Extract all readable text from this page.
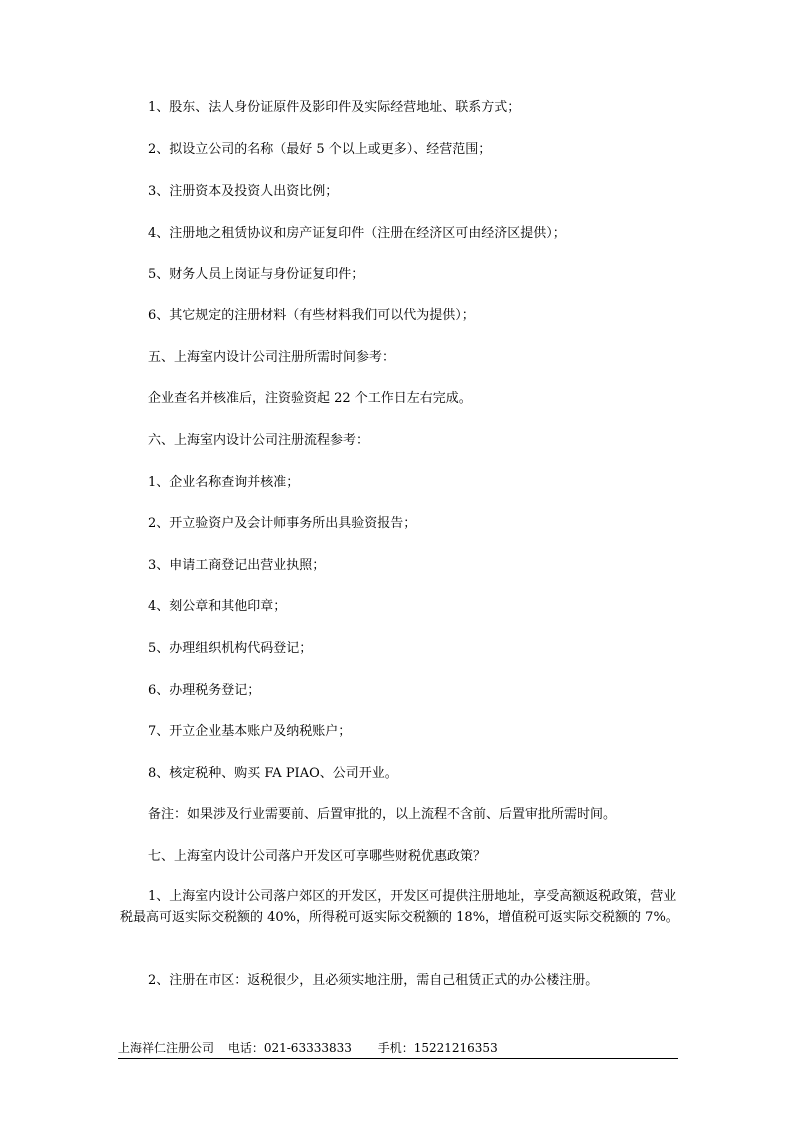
1、股东、法人身份证原件及影印件及实际经营地址、联系方式；
2、拟设立公司的名称（最好 5 个以上或更多）、经营范围；
3、注册资本及投资人出资比例；
4、注册地之租赁协议和房产证复印件（注册在经济区可由经济区提供）；
5、财务人员上岗证与身份证复印件；
6、其它规定的注册材料（有些材料我们可以代为提供）；
五、上海室内设计公司注册所需时间参考：
企业查名并核准后，注资验资起 22 个工作日左右完成。
六、上海室内设计公司注册流程参考：
1、企业名称查询并核准；
2、开立验资户及会计师事务所出具验资报告；
3、申请工商登记出营业执照；
4、刻公章和其他印章；
5、办理组织机构代码登记；
6、办理税务登记；
7、开立企业基本账户及纳税账户；
8、核定税种、购买 FA PIAO、公司开业。
备注：如果涉及行业需要前、后置审批的，以上流程不含前、后置审批所需时间。
七、上海室内设计公司落户开发区可享哪些财税优惠政策？
1、上海室内设计公司落户郊区的开发区，开发区可提供注册地址，享受高额返税政策，营业税最高可返实际交税额的 40%，所得税可返实际交税额的 18%，增值税可返实际交税额的 7%。
2、注册在市区：返税很少，且必须实地注册，需自己租赁正式的办公楼注册。
上海祥仁注册公司 电话：021-63333833 手机：15221216353
